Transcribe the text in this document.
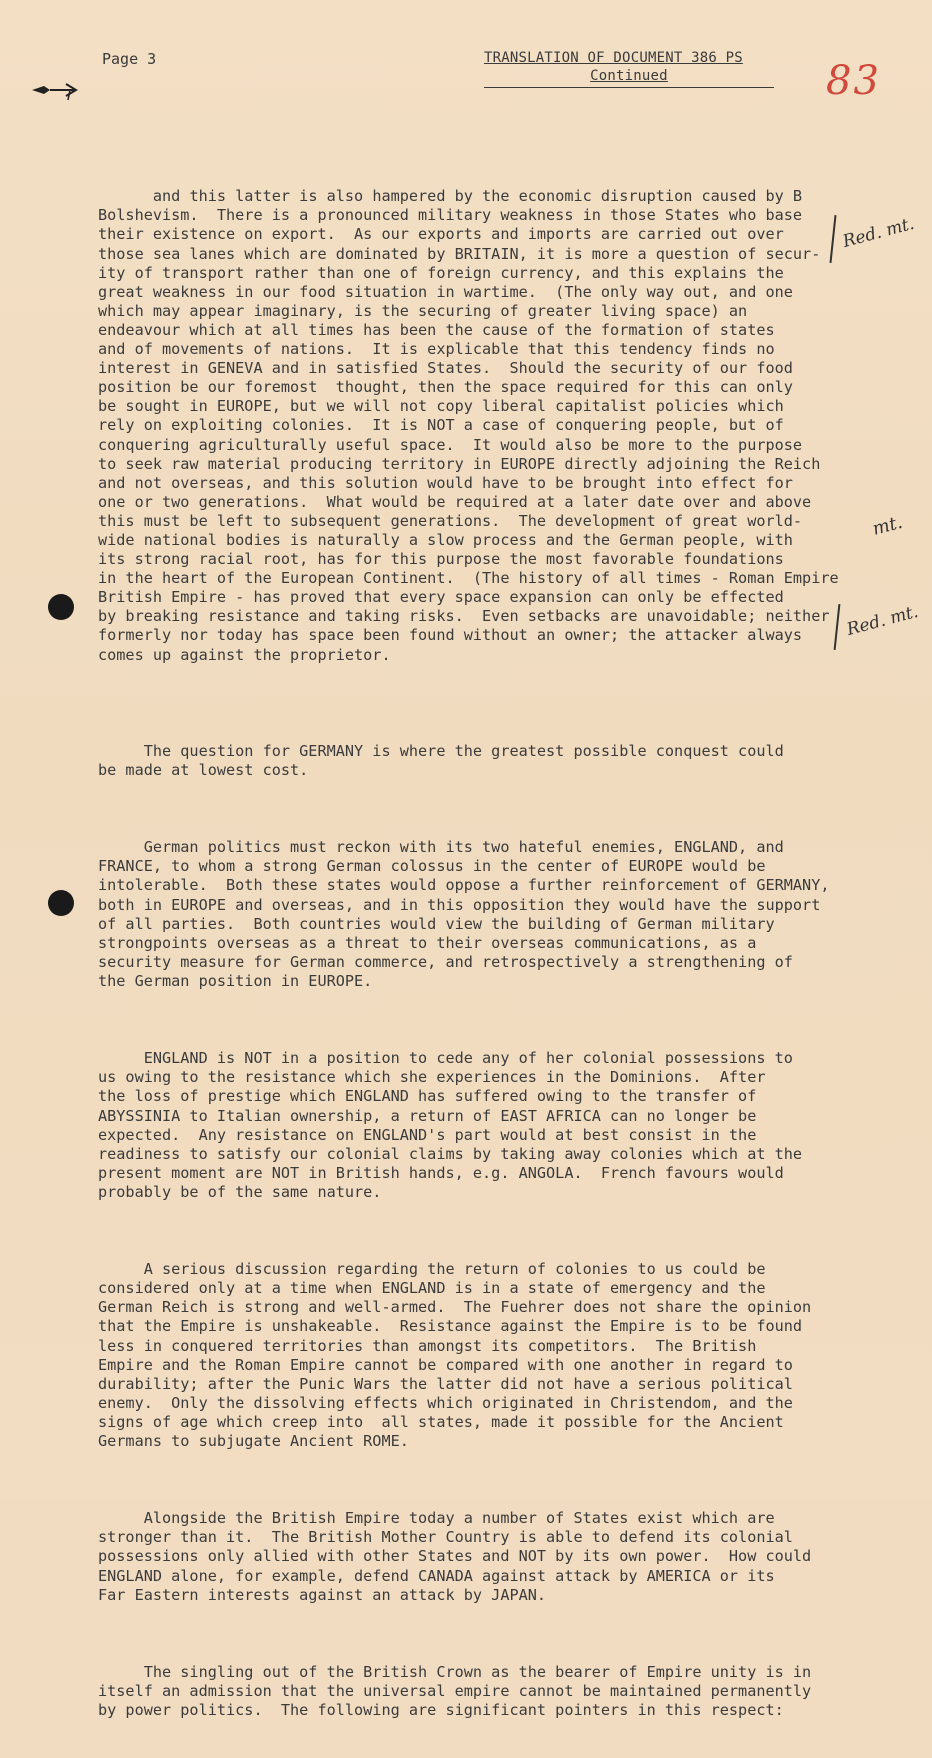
Page 3	TRANSLATION OF DOCUMENT 386 PS
Continued	83

and this latter is also hampered by the economic disruption caused by B
Bolshevism.  There is a pronounced military weakness in those States who base
their existence on export.  As our exports and imports are carried out over
those sea lanes which are dominated by BRITAIN, it is more a question of secur-
ity of transport rather than one of foreign currency, and this explains the
great weakness in our food situation in wartime.  (The only way out, and one
which may appear imaginary, is the securing of greater living space) an
endeavour which at all times has been the cause of the formation of states
and of movements of nations.  It is explicable that this tendency finds no
interest in GENEVA and in satisfied States.  Should the security of our food
position be our foremost  thought, then the space required for this can only
be sought in EUROPE, but we will not copy liberal capitalist policies which
rely on exploiting colonies.  It is NOT a case of conquering people, but of
conquering agriculturally useful space.  It would also be more to the purpose
to seek raw material producing territory in EUROPE directly adjoining the Reich
and not overseas, and this solution would have to be brought into effect for
one or two generations.  What would be required at a later date over and above
this must be left to subsequent generations.  The development of great world-
wide national bodies is naturally a slow process and the German people, with
its strong racial root, has for this purpose the most favorable foundations
in the heart of the European Continent.  (The history of all times - Roman Empire
British Empire - has proved that every space expansion can only be effected
by breaking resistance and taking risks.  Even setbacks are unavoidable; neither
formerly nor today has space been found without an owner; the attacker always
comes up against the proprietor.

The question for GERMANY is where the greatest possible conquest could
be made at lowest cost.

German politics must reckon with its two hateful enemies, ENGLAND, and
FRANCE, to whom a strong German colossus in the center of EUROPE would be
intolerable.  Both these states would oppose a further reinforcement of GERMANY,
both in EUROPE and overseas, and in this opposition they would have the support
of all parties.  Both countries would view the building of German military
strongpoints overseas as a threat to their overseas communications, as a
security measure for German commerce, and retrospectively a strengthening of
the German position in EUROPE.

ENGLAND is NOT in a position to cede any of her colonial possessions to
us owing to the resistance which she experiences in the Dominions.  After
the loss of prestige which ENGLAND has suffered owing to the transfer of
ABYSSINIA to Italian ownership, a return of EAST AFRICA can no longer be
expected.  Any resistance on ENGLAND's part would at best consist in the
readiness to satisfy our colonial claims by taking away colonies which at the
present moment are NOT in British hands, e.g. ANGOLA.  French favours would
probably be of the same nature.

A serious discussion regarding the return of colonies to us could be
considered only at a time when ENGLAND is in a state of emergency and the
German Reich is strong and well-armed.  The Fuehrer does not share the opinion
that the Empire is unshakeable.  Resistance against the Empire is to be found
less in conquered territories than amongst its competitors.  The British
Empire and the Roman Empire cannot be compared with one another in regard to
durability; after the Punic Wars the latter did not have a serious political
enemy.  Only the dissolving effects which originated in Christendom, and the
signs of age which creep into  all states, made it possible for the Ancient
Germans to subjugate Ancient ROME.

Alongside the British Empire today a number of States exist which are
stronger than it.  The British Mother Country is able to defend its colonial
possessions only allied with other States and NOT by its own power.  How could
ENGLAND alone, for example, defend CANADA against attack by AMERICA or its
Far Eastern interests against an attack by JAPAN.

The singling out of the British Crown as the bearer of Empire unity is in
itself an admission that the universal empire cannot be maintained permanently
by power politics.  The following are significant pointers in this respect:

Red. mt.
mt.
Red. mt.
